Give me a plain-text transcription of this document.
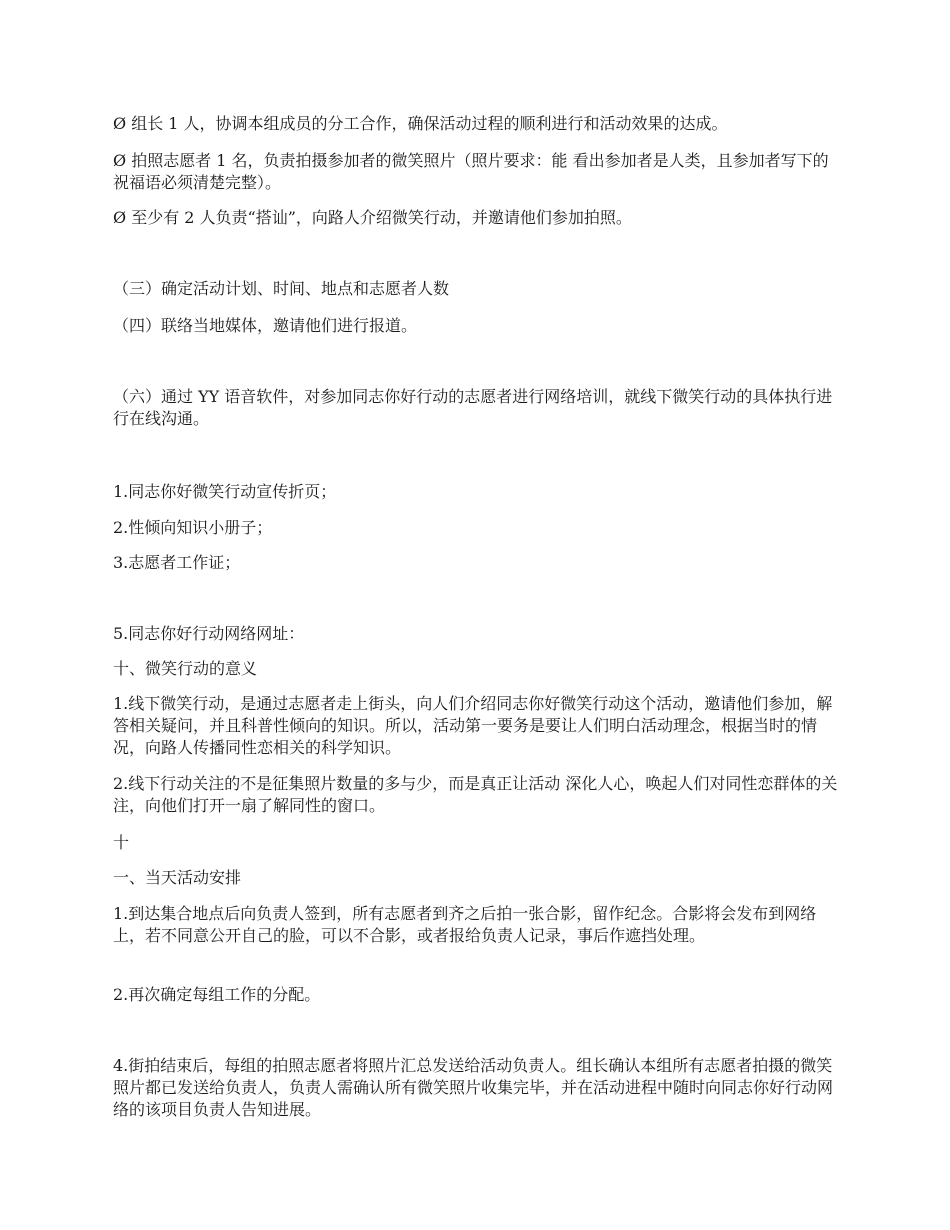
Ø 组长 1 人，协调本组成员的分工合作，确保活动过程的顺利进行和活动效果的达成。

Ø 拍照志愿者 1 名，负责拍摄参加者的微笑照片（照片要求：能 看出参加者是人类，且参加者写下的祝福语必须清楚完整）。

Ø 至少有 2 人负责“搭讪”，向路人介绍微笑行动，并邀请他们参加拍照。

（三）确定活动计划、时间、地点和志愿者人数

（四）联络当地媒体，邀请他们进行报道。

（六）通过 YY 语音软件，对参加同志你好行动的志愿者进行网络培训，就线下微笑行动的具体执行进行在线沟通。

1.同志你好微笑行动宣传折页；

2.性倾向知识小册子；

3.志愿者工作证；

5.同志你好行动网络网址：

十、微笑行动的意义

1.线下微笑行动，是通过志愿者走上街头，向人们介绍同志你好微笑行动这个活动，邀请他们参加，解答相关疑问，并且科普性倾向的知识。所以，活动第一要务是要让人们明白活动理念，根据当时的情况，向路人传播同性恋相关的科学知识。

2.线下行动关注的不是征集照片数量的多与少，而是真正让活动 深化人心，唤起人们对同性恋群体的关注，向他们打开一扇了解同性的窗口。

十

一、当天活动安排

1.到达集合地点后向负责人签到，所有志愿者到齐之后拍一张合影，留作纪念。合影将会发布到网络上，若不同意公开自己的脸，可以不合影，或者报给负责人记录，事后作遮挡处理。

2.再次确定每组工作的分配。

4.街拍结束后，每组的拍照志愿者将照片汇总发送给活动负责人。组长确认本组所有志愿者拍摄的微笑照片都已发送给负责人，负责人需确认所有微笑照片收集完毕，并在活动进程中随时向同志你好行动网络的该项目负责人告知进展。
